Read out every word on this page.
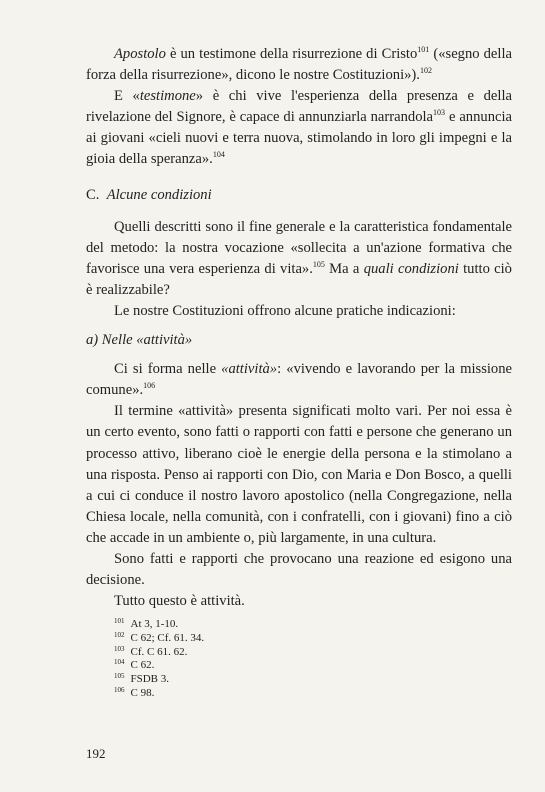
Apostolo è un testimone della risurrezione di Cristo$^{101}$ («segno della forza della risurrezione», dicono le nostre Costituzioni»).$^{102}$

E «testimone» è chi vive l'esperienza della presenza e della rivelazione del Signore, è capace di annunziarla narrandola$^{103}$ e annuncia ai giovani «cieli nuovi e terra nuova, stimolando in loro gli impegni e la gioia della speranza».$^{104}$

C. Alcune condizioni

Quelli descritti sono il fine generale e la caratteristica fondamentale del metodo: la nostra vocazione «sollecita a un'azione formativa che favorisce una vera esperienza di vita».$^{105}$ Ma a quali condizioni tutto ciò è realizzabile?

Le nostre Costituzioni offrono alcune pratiche indicazioni:

a) Nelle «attività»

Ci si forma nelle «attività»: «vivendo e lavorando per la missione comune».$^{106}$

Il termine «attività» presenta significati molto vari. Per noi essa è un certo evento, sono fatti o rapporti con fatti e persone che generano un processo attivo, liberano cioè le energie della persona e la stimolano a una risposta. Penso ai rapporti con Dio, con Maria e Don Bosco, a quelli a cui ci conduce il nostro lavoro apostolico (nella Congregazione, nella Chiesa locale, nella comunità, con i confratelli, con i giovani) fino a ciò che accade in un ambiente o, più largamente, in una cultura.

Sono fatti e rapporti che provocano una reazione ed esigono una decisione.

Tutto questo è attività.

$^{101}$ At 3, 1-10.
$^{102}$ C 62; Cf. 61. 34.
$^{103}$ Cf. C 61. 62.
$^{104}$ C 62.
$^{105}$ FSDB 3.
$^{106}$ C 98.
192
